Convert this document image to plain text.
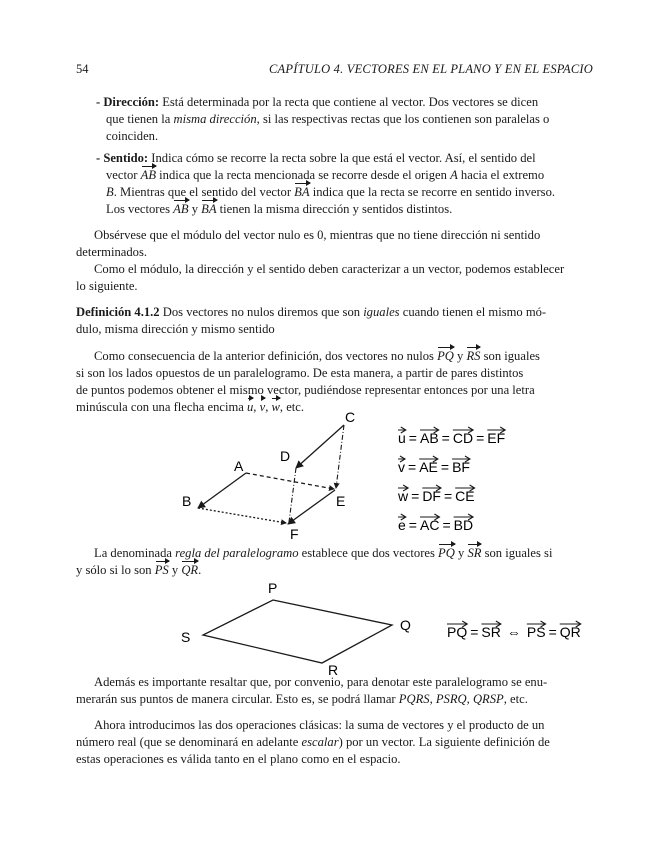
54	CAPÍTULO 4. VECTORES EN EL PLANO Y EN EL ESPACIO
- Dirección: Está determinada por la recta que contiene al vector. Dos vectores se dicen
que tienen la misma dirección, si las respectivas rectas que los contienen son paralelas o
coinciden.
- Sentido: Indica cómo se recorre la recta sobre la que está el vector. Así, el sentido del
vector AB indica que la recta mencionada se recorre desde el origen A hacia el extremo
B. Mientras que el sentido del vector BA indica que la recta se recorre en sentido inverso.
Los vectores AB y BA tienen la misma dirección y sentidos distintos.
Obsérvese que el módulo del vector nulo es 0, mientras que no tiene dirección ni sentido
determinados.
Como el módulo, la dirección y el sentido deben caracterizar a un vector, podemos establecer
lo siguiente.
Definición 4.1.2 Dos vectores no nulos diremos que son iguales cuando tienen el mismo mó-
dulo, misma dirección y mismo sentido
Como consecuencia de la anterior definición, dos vectores no nulos PQ y RS son iguales
si son los lados opuestos de un paralelogramo. De esta manera, a partir de pares distintos
de puntos podemos obtener el mismo vector, pudiéndose representar entonces por una letra
minúscula con una flecha encima u, v, w, etc.
A
B
C
D
E
F
u = AB = CD = EF
v = AE = BF
w = DF = CE
e = AC = BD
La denominada regla del paralelogramo establece que dos vectores PQ y SR son iguales si
y sólo si lo son PS y QR.
P
Q
R
S	PQ = SR ⇔ PS = QR
Además es importante resaltar que, por convenio, para denotar este paralelogramo se enu-
merarán sus puntos de manera circular. Esto es, se podrá llamar PQRS, PSRQ, QRSP, etc.
Ahora introducimos las dos operaciones clásicas: la suma de vectores y el producto de un
número real (que se denominará en adelante escalar) por un vector. La siguiente definición de
estas operaciones es válida tanto en el plano como en el espacio.
